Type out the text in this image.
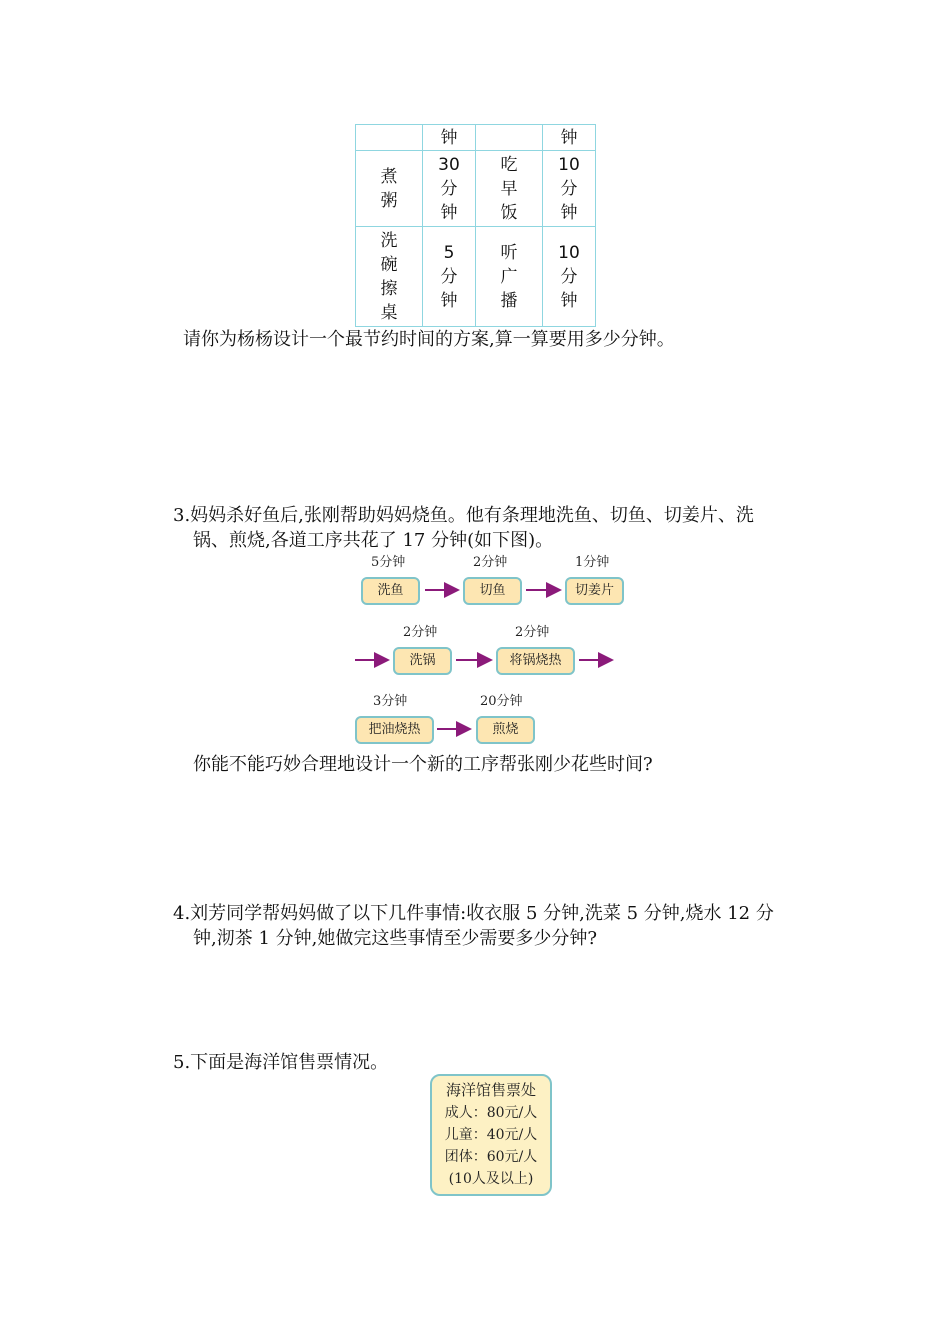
	钟		钟

煮粥	30分钟	吃早饭	10分钟

洗碗擦桌	5分钟	听广播	10分钟
请你为杨杨设计一个最节约时间的方案,算一算要用多少分钟。
3.妈妈杀好鱼后,张刚帮助妈妈烧鱼。他有条理地洗鱼、切鱼、切姜片、洗
锅、煎烧,各道工序共花了 17 分钟(如下图)。
5分钟	2分钟	1分钟
洗鱼	切鱼	切姜片
2分钟	2分钟
洗锅	将锅烧热
3分钟	20分钟
把油烧热	煎烧
你能不能巧妙合理地设计一个新的工序帮张刚少花些时间?
4.刘芳同学帮妈妈做了以下几件事情:收衣服 5 分钟,洗菜 5 分钟,烧水 12 分
钟,沏茶 1 分钟,她做完这些事情至少需要多少分钟?
5.下面是海洋馆售票情况。
海洋馆售票处
成人：80元/人
儿童：40元/人
团体：60元/人
(10人及以上)
